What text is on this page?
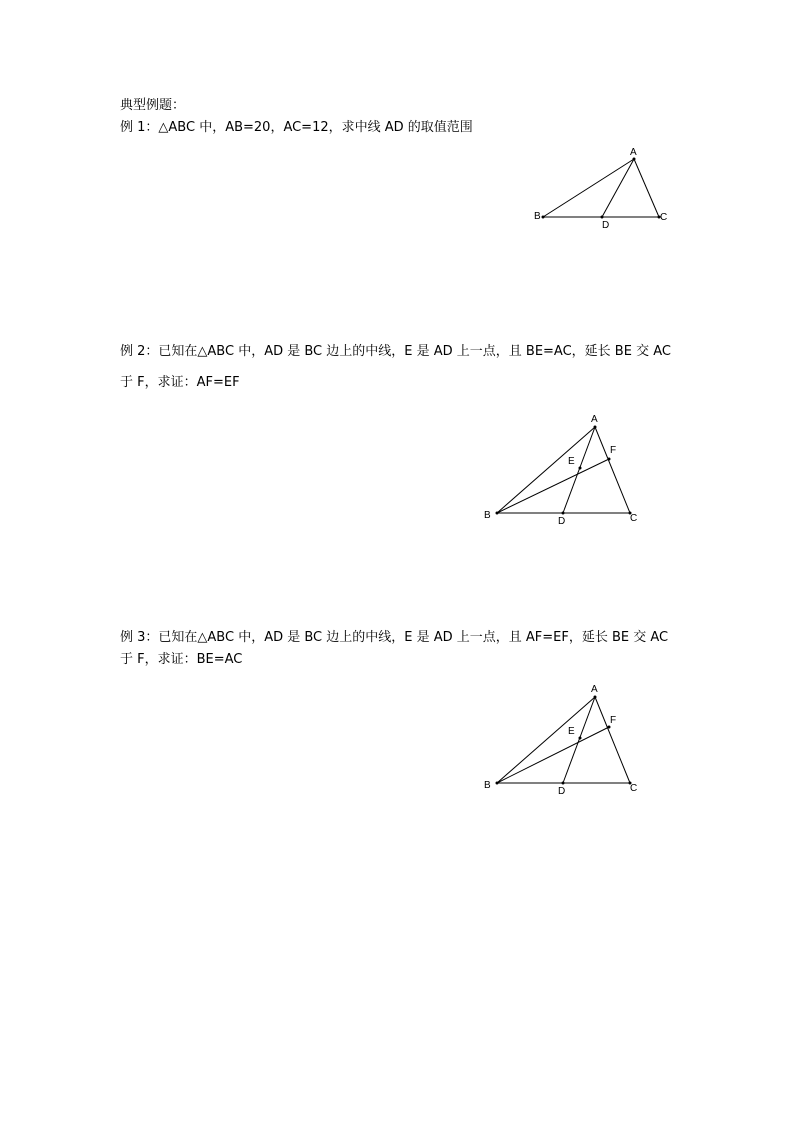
典型例题：
例 1：△ABC 中，AB=20，AC=12，求中线 AD 的取值范围
A
B	C
D
例 2：已知在△ABC 中，AD 是 BC 边上的中线，E 是 AD 上一点，且 BE=AC，延长 BE 交 AC
于 F，求证：AF=EF
A
B	C
D
E
F
例 3：已知在△ABC 中，AD 是 BC 边上的中线，E 是 AD 上一点，且 AF=EF，延长 BE 交 AC
于 F，求证：BE=AC
A
B	C
D
E
F
